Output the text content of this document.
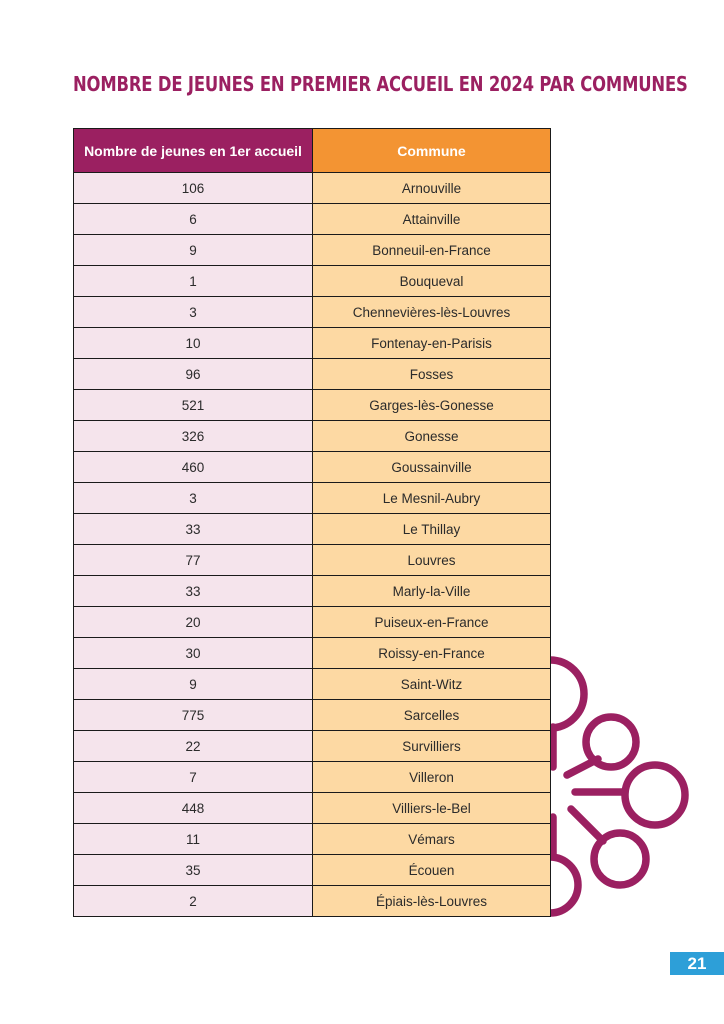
NOMBRE DE JEUNES EN PREMIER ACCUEIL EN 2024 PAR COMMUNES
Nombre de jeunes en 1er accueil	Commune
106	Arnouville
6	Attainville
9	Bonneuil-en-France
1	Bouqueval
3	Chennevières-lès-Louvres
10	Fontenay-en-Parisis
96	Fosses
521	Garges-lès-Gonesse
326	Gonesse
460	Goussainville
3	Le Mesnil-Aubry
33	Le Thillay
77	Louvres
33	Marly-la-Ville
20	Puiseux-en-France
30	Roissy-en-France
9	Saint-Witz
775	Sarcelles
22	Survilliers
7	Villeron
448	Villiers-le-Bel
11	Vémars
35	Écouen
2	Épiais-lès-Louvres
21
